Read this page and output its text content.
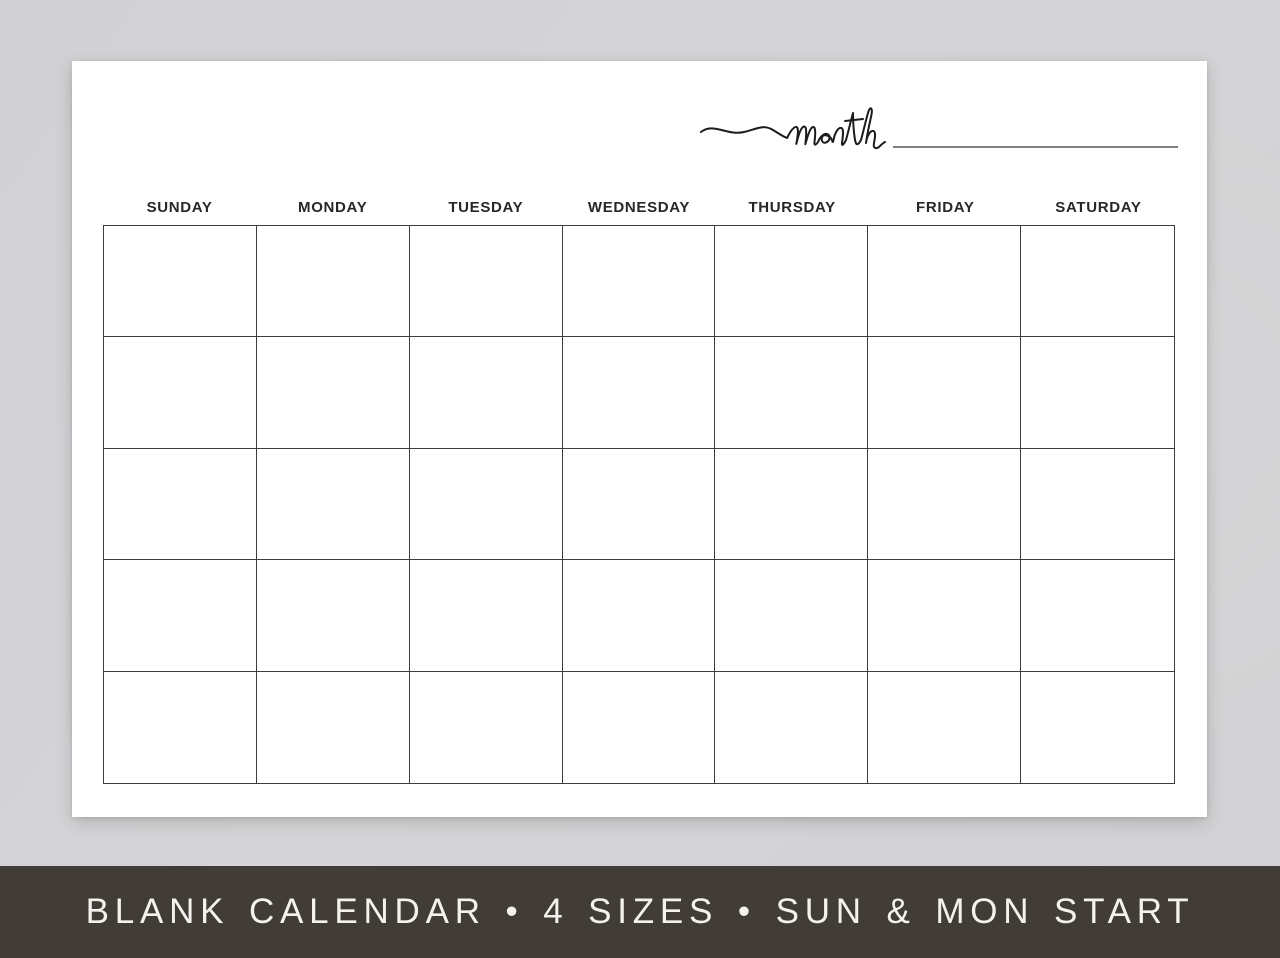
SUNDAY	MONDAY	TUESDAY	WEDNESDAY	THURSDAY	FRIDAY	SATURDAY
BLANK CALENDAR • 4 SIZES • SUN & MON START
